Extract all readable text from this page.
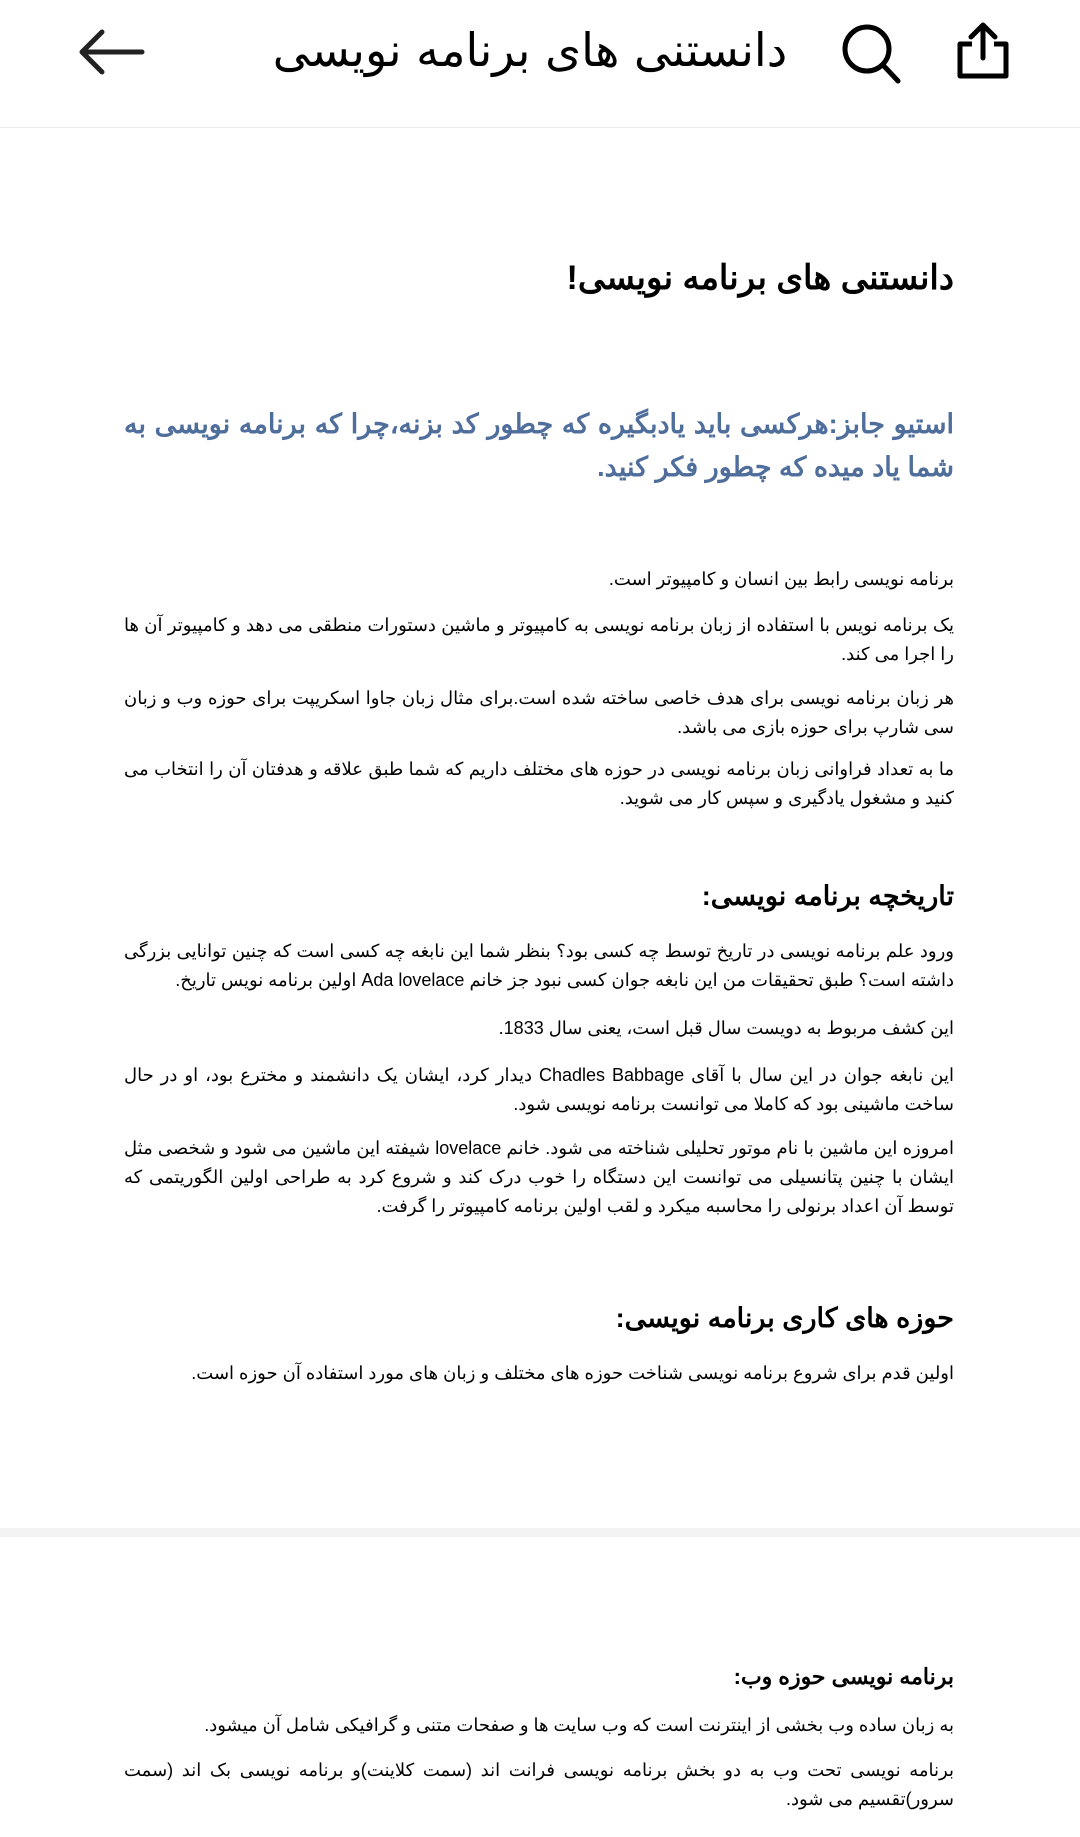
دانستنی های برنامه نویسی
دانستنی های برنامه نویسی!

استیو جابز:هرکسی باید یادبگیره که چطور کد بزنه،چرا که برنامه نویسی به شما یاد میده که چطور فکر کنید.

برنامه نویسی رابط بین انسان و کامپیوتر است.

یک برنامه نویس با استفاده از زبان برنامه نویسی به کامپیوتر و ماشین دستورات منطقی می دهد و کامپیوتر آن ها را اجرا می کند.

هر زبان برنامه نویسی برای هدف خاصی ساخته شده است.برای مثال زبان جاوا اسکریپت برای حوزه وب و زبان سی شارپ برای حوزه بازی می باشد.

ما به تعداد فراوانی زبان برنامه نویسی در حوزه های مختلف داریم که شما طبق علاقه و هدفتان آن را انتخاب می کنید و مشغول یادگیری و سپس کار می شوید.

تاریخچه برنامه نویسی:

ورود علم برنامه نویسی در تاریخ توسط چه کسی بود؟ بنظر شما این نابغه چه کسی است که چنین توانایی بزرگی داشته است؟ طبق تحقیقات من این نابغه جوان کسی نبود جز خانم Ada lovelace اولین برنامه نویس تاریخ.

این کشف مربوط به دویست سال قبل است، یعنی سال 1833.

این نابغه جوان در این سال با آقای Chadles Babbage دیدار کرد، ایشان یک دانشمند و مخترع بود، او در حال ساخت ماشینی بود که کاملا می توانست برنامه نویسی شود.

امروزه این ماشین با نام موتور تحلیلی شناخته می شود. خانم lovelace شیفته این ماشین می شود و شخصی مثل ایشان با چنین پتانسیلی می توانست این دستگاه را خوب درک کند و شروع کرد به طراحی اولین الگوریتمی که توسط آن اعداد برنولی را محاسبه میکرد و لقب اولین برنامه کامپیوتر را گرفت.

حوزه های کاری برنامه نویسی:

اولین قدم برای شروع برنامه نویسی شناخت حوزه های مختلف و زبان های مورد استفاده آن حوزه است.

برنامه نویسی حوزه وب:

به زبان ساده وب بخشی از اینترنت است که وب سایت ها و صفحات متنی و گرافیکی شامل آن میشود.

برنامه نویسی تحت وب به دو بخش برنامه نویسی فرانت اند (سمت کلاینت)و برنامه نویسی بک اند (سمت سرور)تقسیم می شود.
